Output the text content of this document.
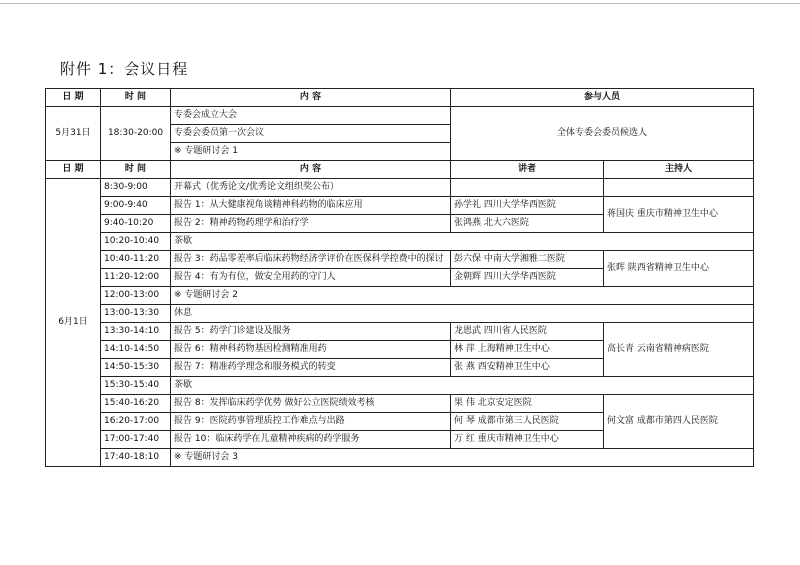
附件 1：会议日程
日 期	时 间	内 容	参与人员	
5月31日	18:30-20:00	专委会成立大会	全体专委会委员候选人	
		专委会委员第一次会议		
		※ 专题研讨会 1		
日 期	时 间	内 容	讲者	主持人
6月1日	8:30-9:00	开幕式（优秀论文/优秀论文组织奖公布）		
	9:00-9:40	报告 1：从大健康视角谈精神科药物的临床应用	孙学礼 四川大学华西医院	蒋国庆 重庆市精神卫生中心
	9:40-10:20	报告 2：精神药物药理学和治疗学	张鸿燕 北大六医院	
	10:20-10:40	茶歇		
	10:40-11:20	报告 3：药品零差率后临床药物经济学评价在医保科学控费中的探讨	彭六保 中南大学湘雅二医院	张晖 陕西省精神卫生中心
	11:20-12:00	报告 4：有为有位，做安全用药的守门人	金朝辉 四川大学华西医院	
	12:00-13:00	※ 专题研讨会 2		
	13:00-13:30	休息		
	13:30-14:10	报告 5：药学门诊建设及服务	龙恩武 四川省人民医院	高长青 云南省精神病医院
	14:10-14:50	报告 6：精神科药物基因检测精准用药	林 萍 上海精神卫生中心	
	14:50-15:30	报告 7：精准药学理念和服务模式的转变	张 燕 西安精神卫生中心	
	15:30-15:40	茶歇		
	15:40-16:20	报告 8：发挥临床药学优势 做好公立医院绩效考核	果 伟 北京安定医院	何文富 成都市第四人民医院
	16:20-17:00	报告 9：医院药事管理质控工作难点与出路	何 琴 成都市第三人民医院	
	17:00-17:40	报告 10：临床药学在儿童精神疾病的药学服务	万 红 重庆市精神卫生中心	
	17:40-18:10	※ 专题研讨会 3		
